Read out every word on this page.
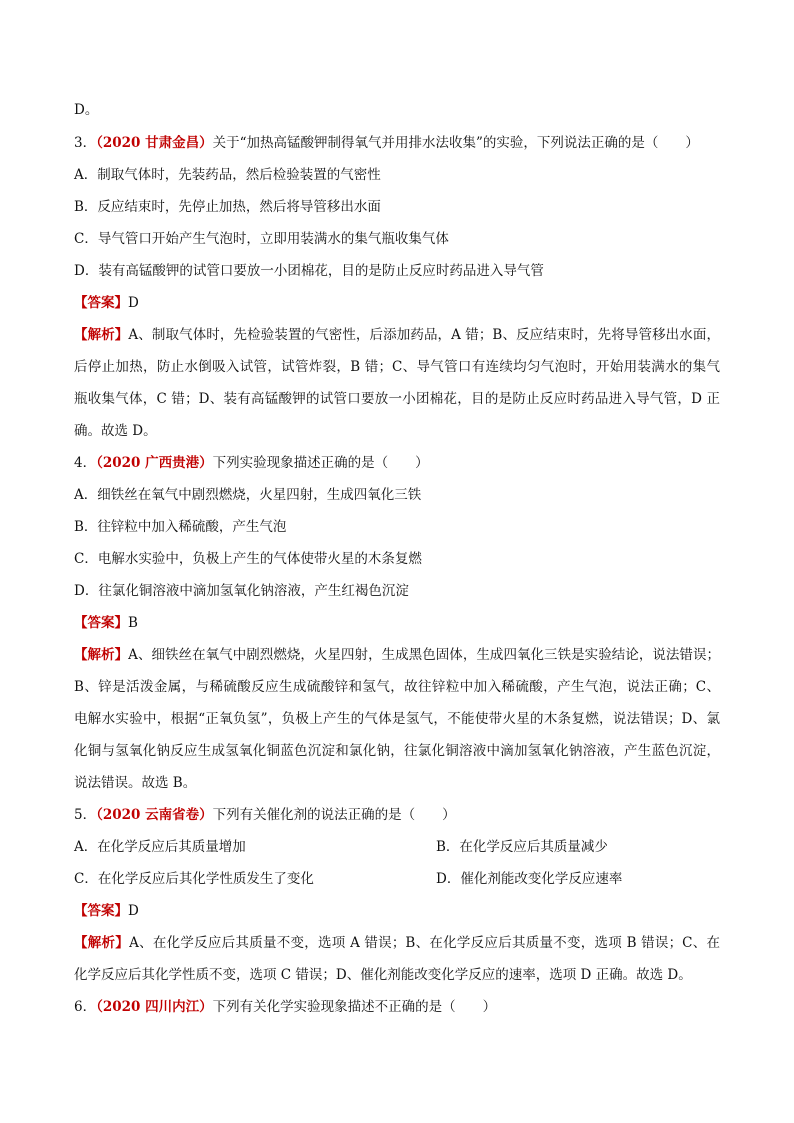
D。
3．（2020 甘肃金昌）关于“加热高锰酸钾制得氧气并用排水法收集”的实验，下列说法正确的是（　　）
A．制取气体时，先装药品，然后检验装置的气密性
B．反应结束时，先停止加热，然后将导管移出水面
C．导气管口开始产生气泡时，立即用装满水的集气瓶收集气体
D．装有高锰酸钾的试管口要放一小团棉花，目的是防止反应时药品进入导气管
【答案】D
【解析】A、制取气体时，先检验装置的气密性，后添加药品，A 错；B、反应结束时，先将导管移出水面，
后停止加热，防止水倒吸入试管，试管炸裂，B 错；C、导气管口有连续均匀气泡时，开始用装满水的集气
瓶收集气体，C 错；D、装有高锰酸钾的试管口要放一小团棉花，目的是防止反应时药品进入导气管，D 正
确。故选 D。
4．（2020 广西贵港）下列实验现象描述正确的是（　　）
A．细铁丝在氧气中剧烈燃烧，火星四射，生成四氧化三铁
B．往锌粒中加入稀硫酸，产生气泡
C．电解水实验中，负极上产生的气体使带火星的木条复燃
D．往氯化铜溶液中滴加氢氧化钠溶液，产生红褐色沉淀
【答案】B
【解析】A、细铁丝在氧气中剧烈燃烧，火星四射，生成黑色固体，生成四氧化三铁是实验结论，说法错误；
B、锌是活泼金属，与稀硫酸反应生成硫酸锌和氢气，故往锌粒中加入稀硫酸，产生气泡，说法正确；C、
电解水实验中，根据“正氧负氢”，负极上产生的气体是氢气，不能使带火星的木条复燃，说法错误；D、氯
化铜与氢氧化钠反应生成氢氧化铜蓝色沉淀和氯化钠，往氯化铜溶液中滴加氢氧化钠溶液，产生蓝色沉淀，
说法错误。故选 B。
5．（2020 云南省卷）下列有关催化剂的说法正确的是（　　）
A．在化学反应后其质量增加	B．在化学反应后其质量减少
C．在化学反应后其化学性质发生了变化	D．催化剂能改变化学反应速率
【答案】D
【解析】A、在化学反应后其质量不变，选项 A 错误；B、在化学反应后其质量不变，选项 B 错误；C、在
化学反应后其化学性质不变，选项 C 错误；D、催化剂能改变化学反应的速率，选项 D 正确。故选 D。
6．（2020 四川内江）下列有关化学实验现象描述不正确的是（　　）
